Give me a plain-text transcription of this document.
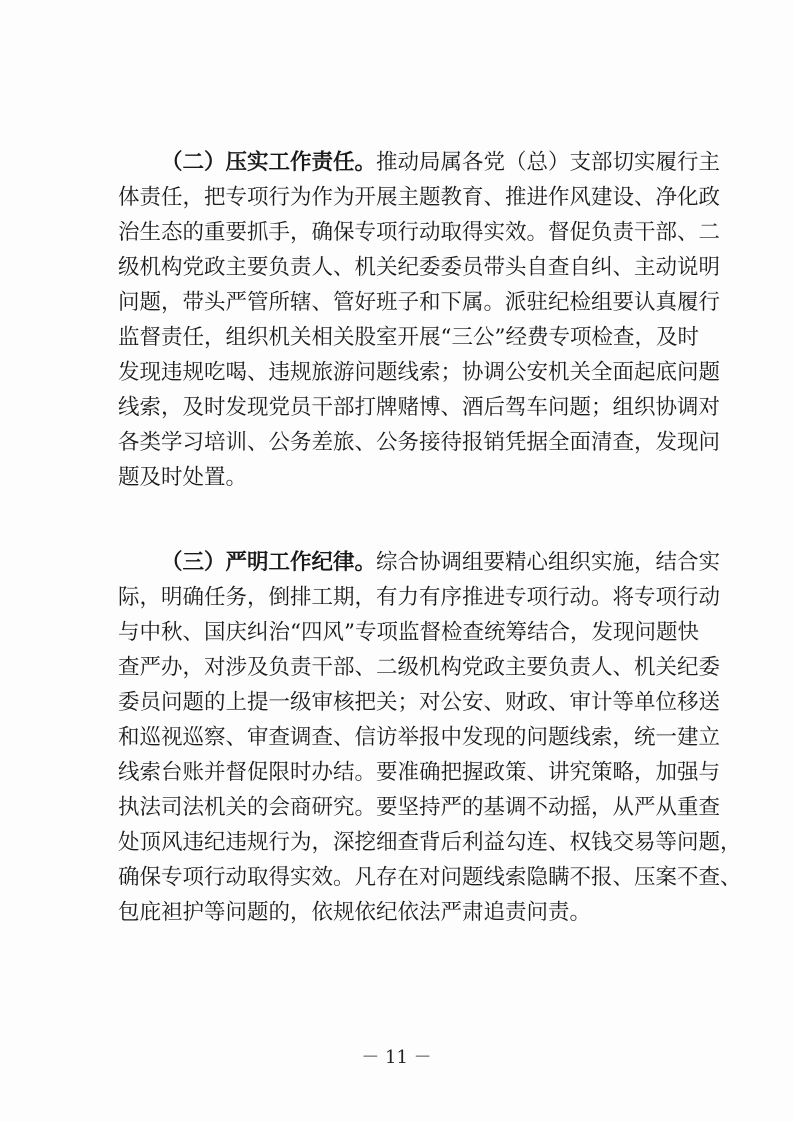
（二）压实工作责任。推动局属各党（总）支部切实履行主
体责任，把专项行为作为开展主题教育、推进作风建设、净化政
治生态的重要抓手，确保专项行动取得实效。督促负责干部、二
级机构党政主要负责人、机关纪委委员带头自查自纠、主动说明
问题，带头严管所辖、管好班子和下属。派驻纪检组要认真履行
监督责任，组织机关相关股室开展“三公”经费专项检查，及时
发现违规吃喝、违规旅游问题线索；协调公安机关全面起底问题
线索，及时发现党员干部打牌赌博、酒后驾车问题；组织协调对
各类学习培训、公务差旅、公务接待报销凭据全面清查，发现问
题及时处置。
（三）严明工作纪律。综合协调组要精心组织实施，结合实
际，明确任务，倒排工期，有力有序推进专项行动。将专项行动
与中秋、国庆纠治“四风”专项监督检查统筹结合，发现问题快
查严办，对涉及负责干部、二级机构党政主要负责人、机关纪委
委员问题的上提一级审核把关；对公安、财政、审计等单位移送
和巡视巡察、审查调查、信访举报中发现的问题线索，统一建立
线索台账并督促限时办结。要准确把握政策、讲究策略，加强与
执法司法机关的会商研究。要坚持严的基调不动摇，从严从重查
处顶风违纪违规行为，深挖细查背后利益勾连、权钱交易等问题，
确保专项行动取得实效。凡存在对问题线索隐瞒不报、压案不查、
包庇袒护等问题的，依规依纪依法严肃追责问责。
－ 11 －
